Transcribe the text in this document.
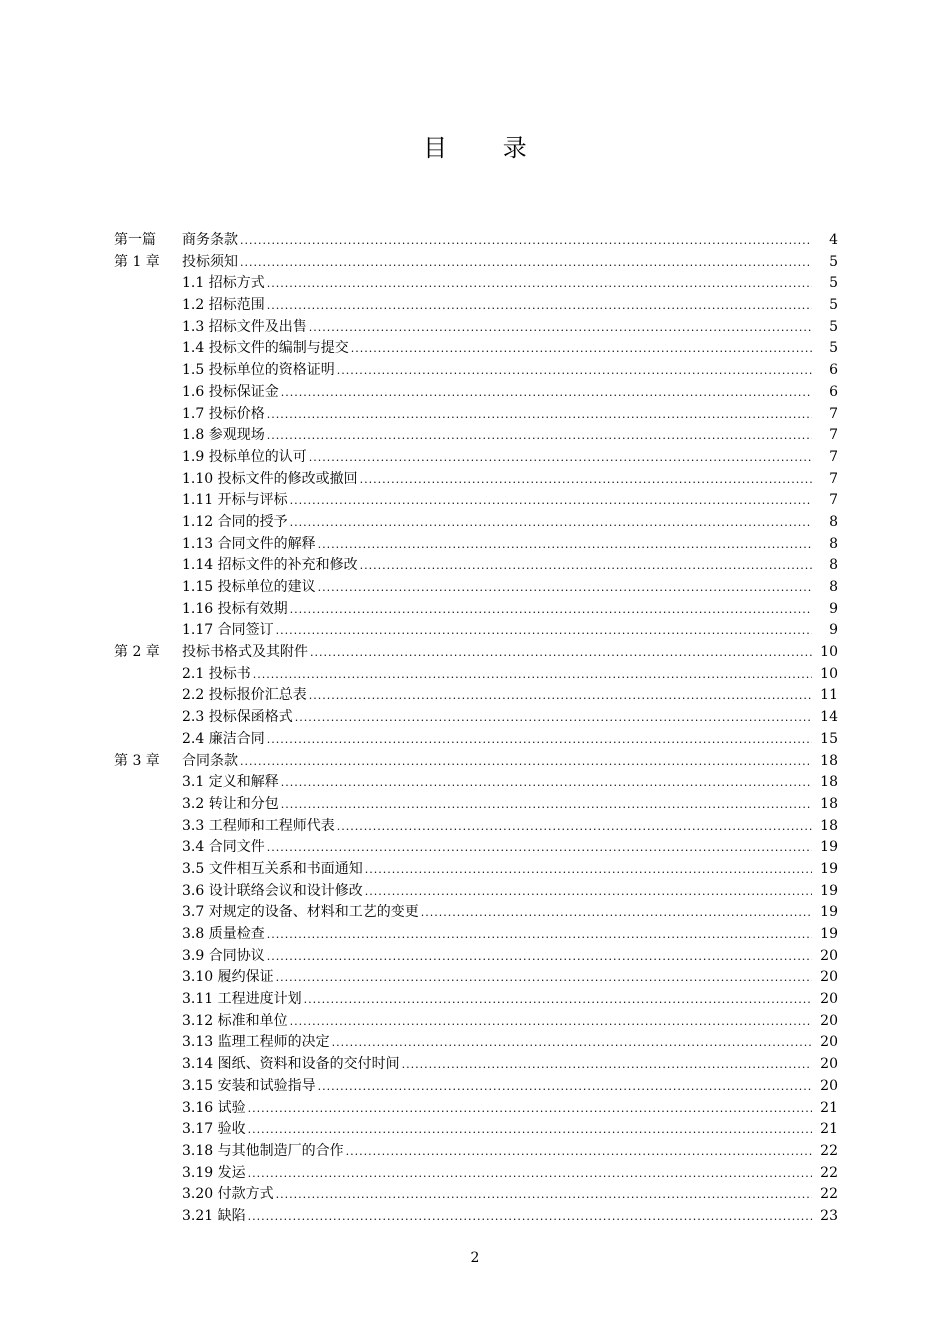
目 录
第一篇	商务条款 .....	4
第 1 章	投标须知 .....	5
1.1 招标方式 .....	5
1.2 招标范围 .....	5
1.3 招标文件及出售 .....	5
1.4 投标文件的编制与提交 .....	5
1.5 投标单位的资格证明 .....	6
1.6 投标保证金 .....	6
1.7 投标价格 .....	7
1.8 参观现场 .....	7
1.9 投标单位的认可 .....	7
1.10 投标文件的修改或撤回 .....	7
1.11 开标与评标 .....	7
1.12 合同的授予 .....	8
1.13 合同文件的解释 .....	8
1.14 招标文件的补充和修改 .....	8
1.15 投标单位的建议 .....	8
1.16 投标有效期 .....	9
1.17 合同签订 .....	9
第 2 章	投标书格式及其附件 .....	10
2.1 投标书 .....	10
2.2 投标报价汇总表 .....	11
2.3 投标保函格式 .....	14
2.4 廉洁合同 .....	15
第 3 章	合同条款 .....	18
3.1 定义和解释 .....	18
3.2 转让和分包 .....	18
3.3 工程师和工程师代表 .....	18
3.4 合同文件 .....	19
3.5 文件相互关系和书面通知 .....	19
3.6 设计联络会议和设计修改 .....	19
3.7 对规定的设备、材料和工艺的变更 .....	19
3.8 质量检查 .....	19
3.9 合同协议 .....	20
3.10 履约保证 .....	20
3.11 工程进度计划 .....	20
3.12 标准和单位 .....	20
3.13 监理工程师的决定 .....	20
3.14 图纸、资料和设备的交付时间 .....	20
3.15 安装和试验指导 .....	20
3.16 试验 .....	21
3.17 验收 .....	21
3.18 与其他制造厂的合作 .....	22
3.19 发运 .....	22
3.20 付款方式 .....	22
3.21 缺陷 .....	23
2
